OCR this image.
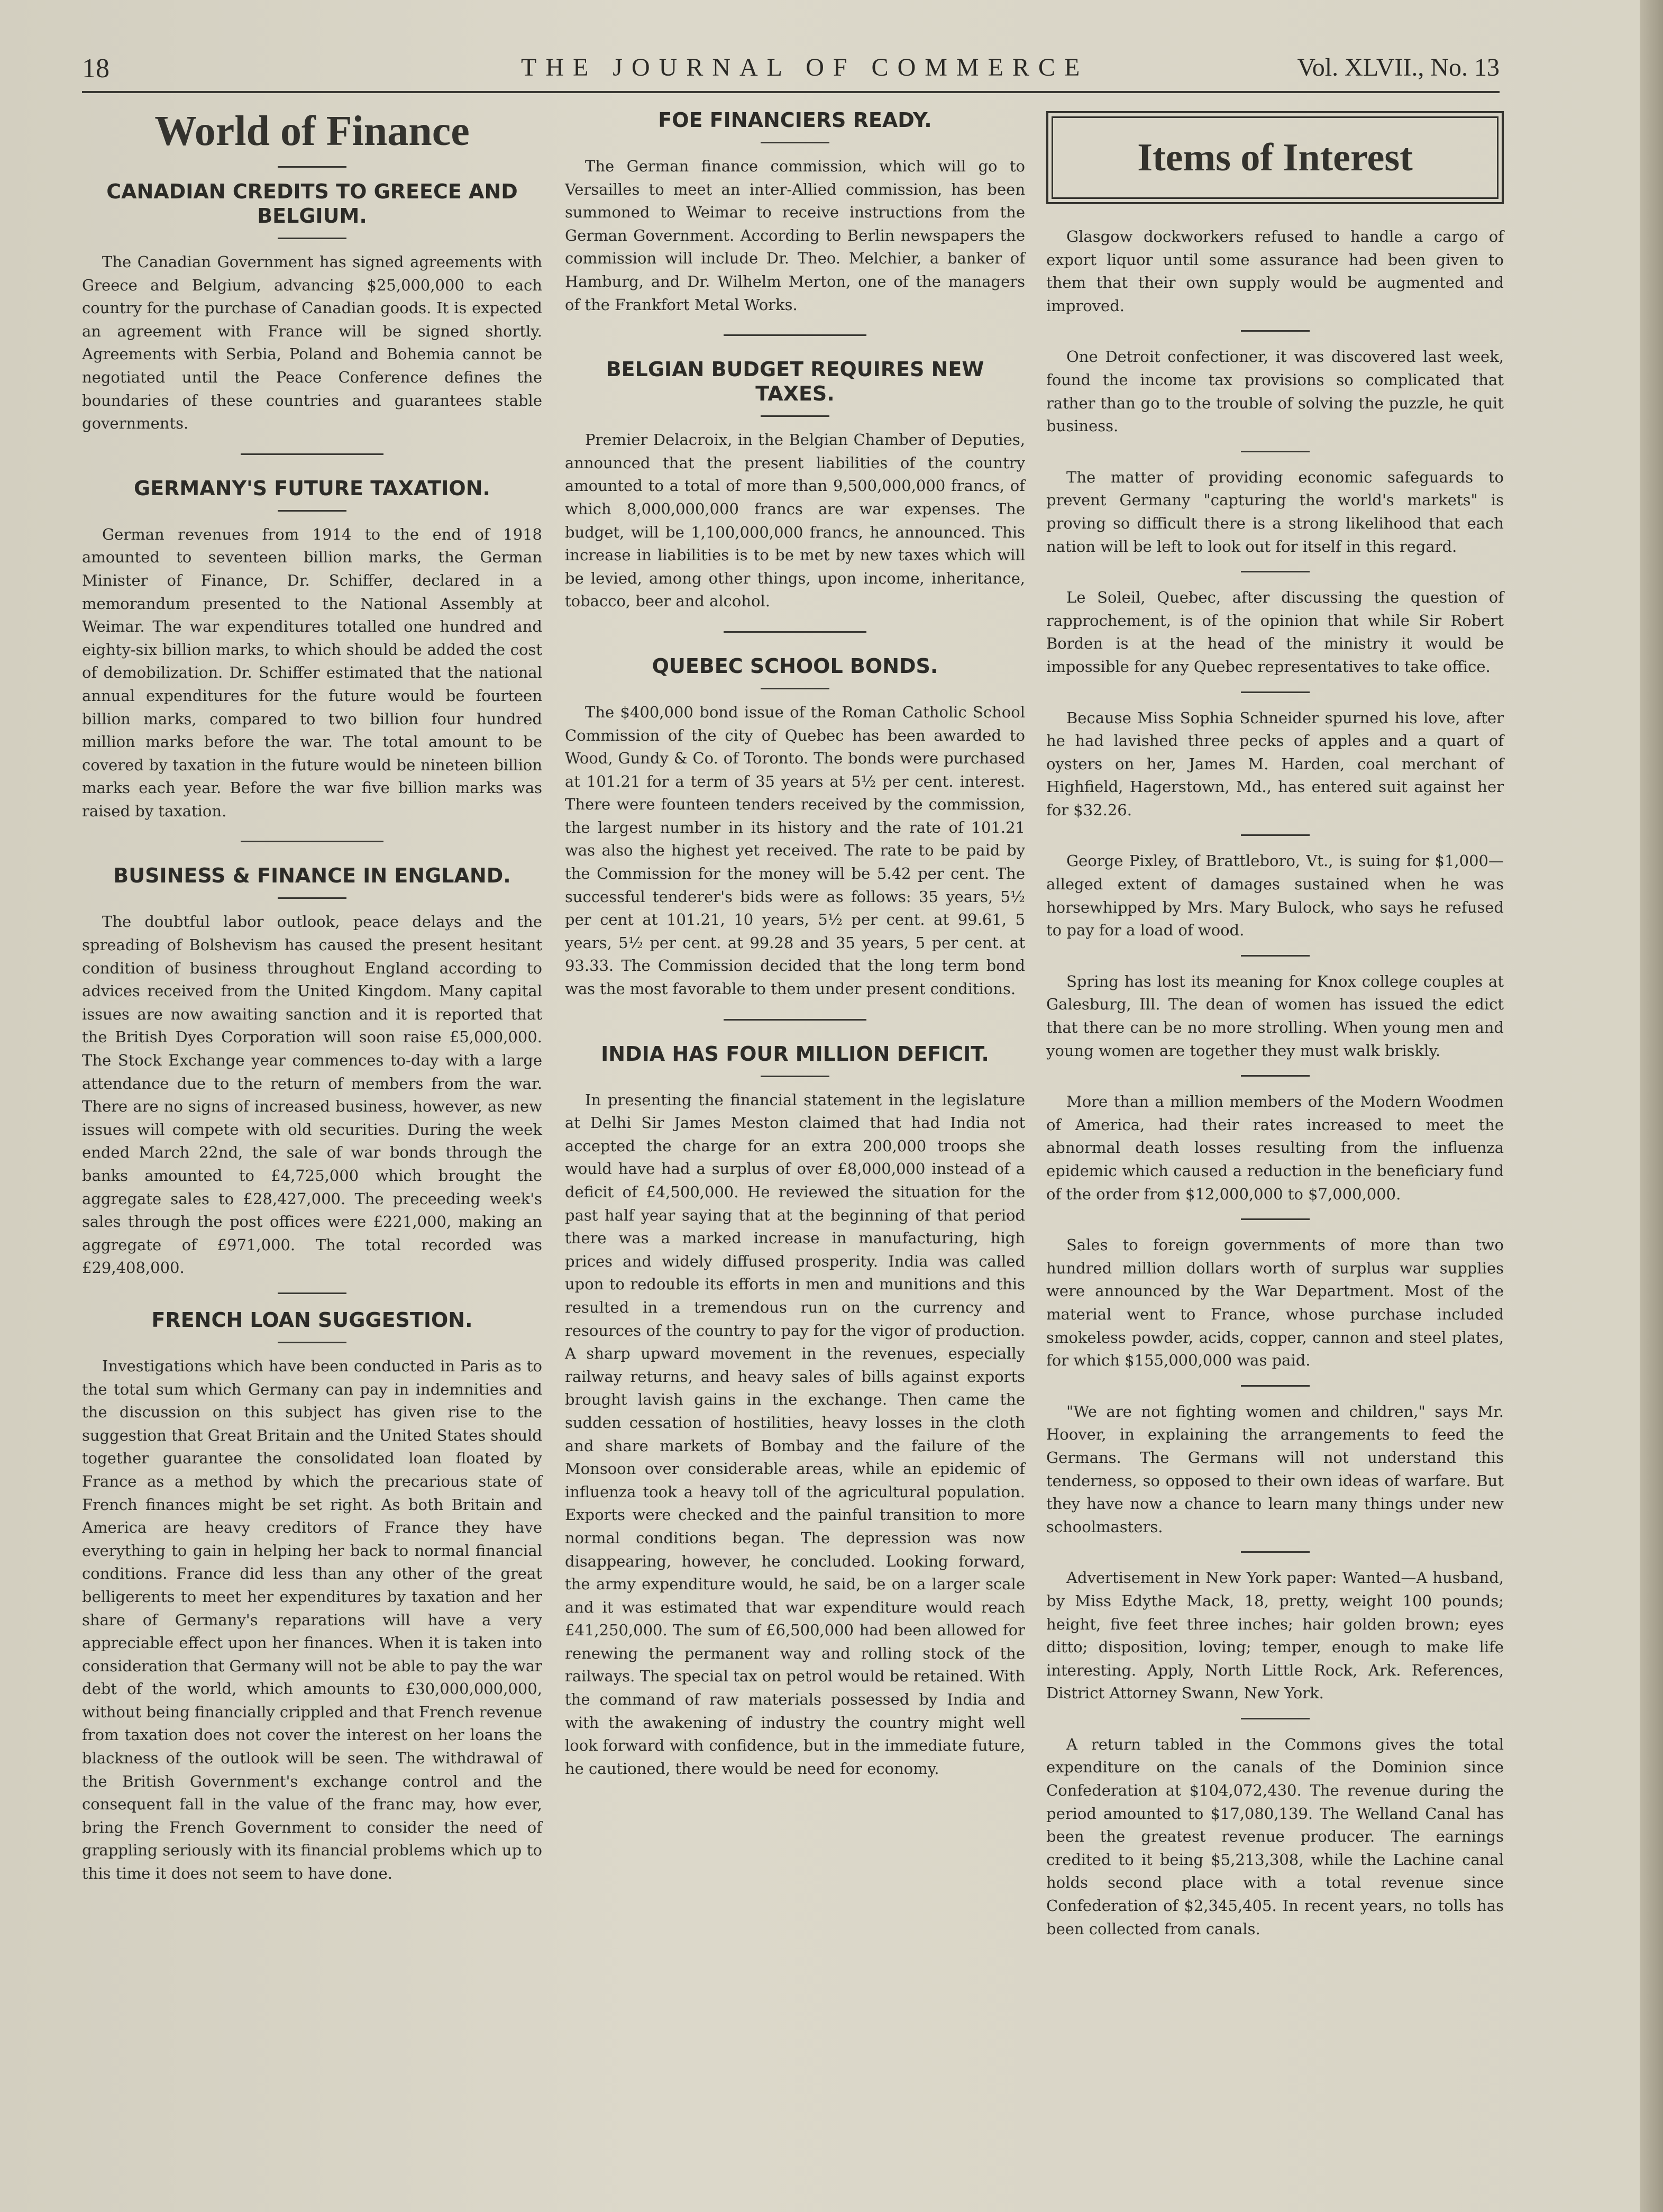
18	THE JOURNAL OF COMMERCE	Vol. XLVII., No. 13
World of Finance
CANADIAN CREDITS TO GREECE AND BELGIUM.

The Canadian Government has signed agreements with Greece and Belgium, advancing $25,000,000 to each country for the purchase of Canadian goods. It is expected an agreement with France will be signed shortly. Agreements with Serbia, Poland and Bohemia cannot be negotiated until the Peace Conference defines the boundaries of these countries and guarantees stable governments.

GERMANY'S FUTURE TAXATION.

German revenues from 1914 to the end of 1918 amounted to seventeen billion marks, the German Minister of Finance, Dr. Schiffer, declared in a memorandum presented to the National Assembly at Weimar. The war expenditures totalled one hundred and eighty-six billion marks, to which should be added the cost of demobilization. Dr. Schiffer estimated that the national annual expenditures for the future would be fourteen billion marks, compared to two billion four hundred million marks before the war. The total amount to be covered by taxation in the future would be nineteen billion marks each year. Before the war five billion marks was raised by taxation.

BUSINESS & FINANCE IN ENGLAND.

The doubtful labor outlook, peace delays and the spreading of Bolshevism has caused the present hesitant condition of business throughout England according to advices received from the United Kingdom. Many capital issues are now awaiting sanction and it is reported that the British Dyes Corporation will soon raise £5,000,000. The Stock Exchange year commences to-day with a large attendance due to the return of members from the war. There are no signs of increased business, however, as new issues will compete with old securities. During the week ended March 22nd, the sale of war bonds through the banks amounted to £4,725,000 which brought the aggregate sales to £28,427,000. The preceeding week's sales through the post offices were £221,000, making an aggregate of £971,000. The total recorded was £29,408,000.

FRENCH LOAN SUGGESTION.

Investigations which have been conducted in Paris as to the total sum which Germany can pay in indemnities and the discussion on this subject has given rise to the suggestion that Great Britain and the United States should together guarantee the consolidated loan floated by France as a method by which the precarious state of French finances might be set right. As both Britain and America are heavy creditors of France they have everything to gain in helping her back to normal financial conditions. France did less than any other of the great belligerents to meet her expenditures by taxation and her share of Germany's reparations will have a very appreciable effect upon her finances. When it is taken into consideration that Germany will not be able to pay the war debt of the world, which amounts to £30,000,000,000, without being financially crippled and that French revenue from taxation does not cover the interest on her loans the blackness of the outlook will be seen. The withdrawal of the British Government's exchange control and the consequent fall in the value of the franc may, how ever, bring the French Government to consider the need of grappling seriously with its financial problems which up to this time it does not seem to have done.

FOE FINANCIERS READY.

The German finance commission, which will go to Versailles to meet an inter-Allied commission, has been summoned to Weimar to receive instructions from the German Government. According to Berlin newspapers the commission will include Dr. Theo. Melchier, a banker of Hamburg, and Dr. Wilhelm Merton, one of the managers of the Frankfort Metal Works.

BELGIAN BUDGET REQUIRES NEW TAXES.

Premier Delacroix, in the Belgian Chamber of Deputies, announced that the present liabilities of the country amounted to a total of more than 9,500,000,000 francs, of which 8,000,000,000 francs are war expenses. The budget, will be 1,100,000,000 francs, he announced. This increase in liabilities is to be met by new taxes which will be levied, among other things, upon income, inheritance, tobacco, beer and alcohol.

QUEBEC SCHOOL BONDS.

The $400,000 bond issue of the Roman Catholic School Commission of the city of Quebec has been awarded to Wood, Gundy & Co. of Toronto. The bonds were purchased at 101.21 for a term of 35 years at 5½ per cent. interest. There were founteen tenders received by the commission, the largest number in its history and the rate of 101.21 was also the highest yet received. The rate to be paid by the Commission for the money will be 5.42 per cent. The successful tenderer's bids were as follows: 35 years, 5½ per cent at 101.21, 10 years, 5½ per cent. at 99.61, 5 years, 5½ per cent. at 99.28 and 35 years, 5 per cent. at 93.33. The Commission decided that the long term bond was the most favorable to them under present conditions.

INDIA HAS FOUR MILLION DEFICIT.

In presenting the financial statement in the legislature at Delhi Sir James Meston claimed that had India not accepted the charge for an extra 200,000 troops she would have had a surplus of over £8,000,000 instead of a deficit of £4,500,000. He reviewed the situation for the past half year saying that at the beginning of that period there was a marked increase in manufacturing, high prices and widely diffused prosperity. India was called upon to redouble its efforts in men and munitions and this resulted in a tremendous run on the currency and resources of the country to pay for the vigor of production. A sharp upward movement in the revenues, especially railway returns, and heavy sales of bills against exports brought lavish gains in the exchange. Then came the sudden cessation of hostilities, heavy losses in the cloth and share markets of Bombay and the failure of the Monsoon over considerable areas, while an epidemic of influenza took a heavy toll of the agricultural population. Exports were checked and the painful transition to more normal conditions began. The depression was now disappearing, however, he concluded. Looking forward, the army expenditure would, he said, be on a larger scale and it was estimated that war expenditure would reach £41,250,000. The sum of £6,500,000 had been allowed for renewing the permanent way and rolling stock of the railways. The special tax on petrol would be retained. With the command of raw materials possessed by India and with the awakening of industry the country might well look forward with confidence, but in the immediate future, he cautioned, there would be need for economy.

Items of Interest

Glasgow dockworkers refused to handle a cargo of export liquor until some assurance had been given to them that their own supply would be augmented and improved.

One Detroit confectioner, it was discovered last week, found the income tax provisions so complicated that rather than go to the trouble of solving the puzzle, he quit business.

The matter of providing economic safeguards to prevent Germany "capturing the world's markets" is proving so difficult there is a strong likelihood that each nation will be left to look out for itself in this regard.

Le Soleil, Quebec, after discussing the question of rapprochement, is of the opinion that while Sir Robert Borden is at the head of the ministry it would be impossible for any Quebec representatives to take office.

Because Miss Sophia Schneider spurned his love, after he had lavished three pecks of apples and a quart of oysters on her, James M. Harden, coal merchant of Highfield, Hagerstown, Md., has entered suit against her for $32.26.

George Pixley, of Brattleboro, Vt., is suing for $1,000—alleged extent of damages sustained when he was horsewhipped by Mrs. Mary Bulock, who says he refused to pay for a load of wood.

Spring has lost its meaning for Knox college couples at Galesburg, Ill. The dean of women has issued the edict that there can be no more strolling. When young men and young women are together they must walk briskly.

More than a million members of the Modern Woodmen of America, had their rates increased to meet the abnormal death losses resulting from the influenza epidemic which caused a reduction in the beneficiary fund of the order from $12,000,000 to $7,000,000.

Sales to foreign governments of more than two hundred million dollars worth of surplus war supplies were announced by the War Department. Most of the material went to France, whose purchase included smokeless powder, acids, copper, cannon and steel plates, for which $155,000,000 was paid.

"We are not fighting women and children," says Mr. Hoover, in explaining the arrangements to feed the Germans. The Germans will not understand this tenderness, so opposed to their own ideas of warfare. But they have now a chance to learn many things under new schoolmasters.

Advertisement in New York paper: Wanted—A husband, by Miss Edythe Mack, 18, pretty, weight 100 pounds; height, five feet three inches; hair golden brown; eyes ditto; disposition, loving; temper, enough to make life interesting. Apply, North Little Rock, Ark. References, District Attorney Swann, New York.

A return tabled in the Commons gives the total expenditure on the canals of the Dominion since Confederation at $104,072,430. The revenue during the period amounted to $17,080,139. The Welland Canal has been the greatest revenue producer. The earnings credited to it being $5,213,308, while the Lachine canal holds second place with a total revenue since Confederation of $2,345,405. In recent years, no tolls has been collected from canals.
